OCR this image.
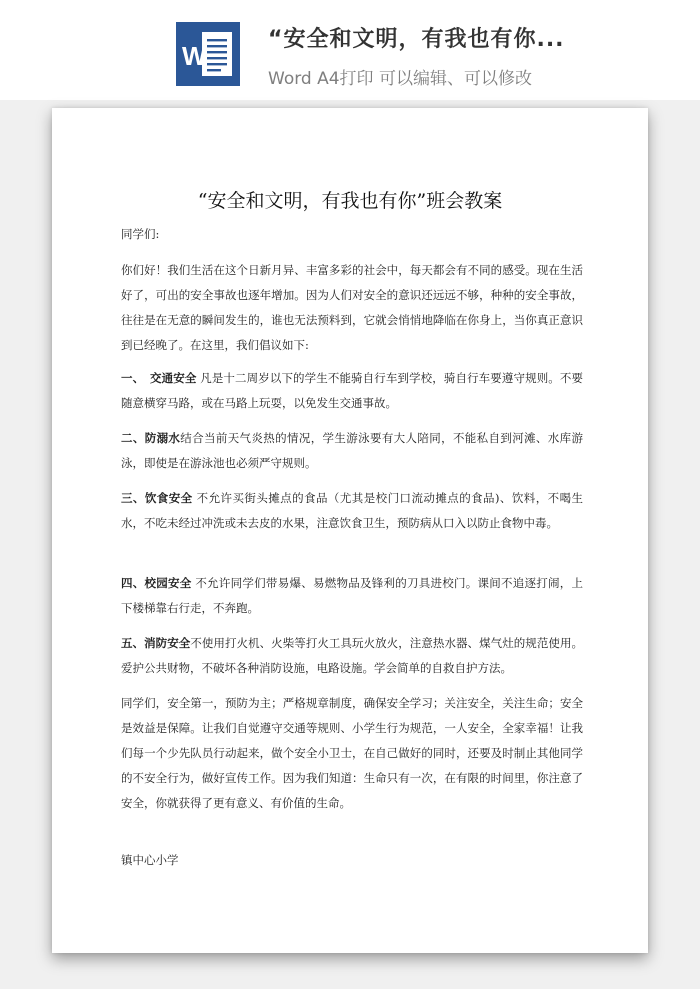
W
“安全和文明，有我也有你...
Word A4打印 可以编辑、可以修改
“安全和文明，有我也有你”班会教案
同学们:
你们好！我们生活在这个日新月异、丰富多彩的社会中，每天都会有不同的感受。现在生活好了，可出的安全事故也逐年增加。因为人们对安全的意识还远远不够，种种的安全事故，往往是在无意的瞬间发生的，谁也无法预料到，它就会悄悄地降临在你身上，当你真正意识到已经晚了。在这里，我们倡议如下:
一、　交通安全 凡是十二周岁以下的学生不能骑自行车到学校，骑自行车要遵守规则。不要随意横穿马路，或在马路上玩耍，以免发生交通事故。
二、防溺水结合当前天气炎热的情况，学生游泳要有大人陪同，不能私自到河滩、水库游泳，即使是在游泳池也必须严守规则。
三、饮食安全 不允许买街头摊点的食品（尤其是校门口流动摊点的食品)、饮料，不喝生水，不吃未经过冲洗或未去皮的水果，注意饮食卫生，预防病从口入以防止食物中毒。
四、校园安全 不允许同学们带易爆、易燃物品及锋利的刀具进校门。课间不追逐打闹，上下楼梯靠右行走，不奔跑。
五、消防安全不使用打火机、火柴等打火工具玩火放火，注意热水器、煤气灶的规范使用。爱护公共财物，不破坏各种消防设施，电路设施。学会简单的自救自护方法。
同学们，安全第一，预防为主；严格规章制度，确保安全学习；关注安全，关注生命；安全是效益是保障。让我们自觉遵守交通等规则、小学生行为规范，一人安全，全家幸福！让我们每一个少先队员行动起来，做个安全小卫士，在自己做好的同时，还要及时制止其他同学的不安全行为，做好宣传工作。因为我们知道：生命只有一次，在有限的时间里，你注意了安全，你就获得了更有意义、有价值的生命。
镇中心小学
